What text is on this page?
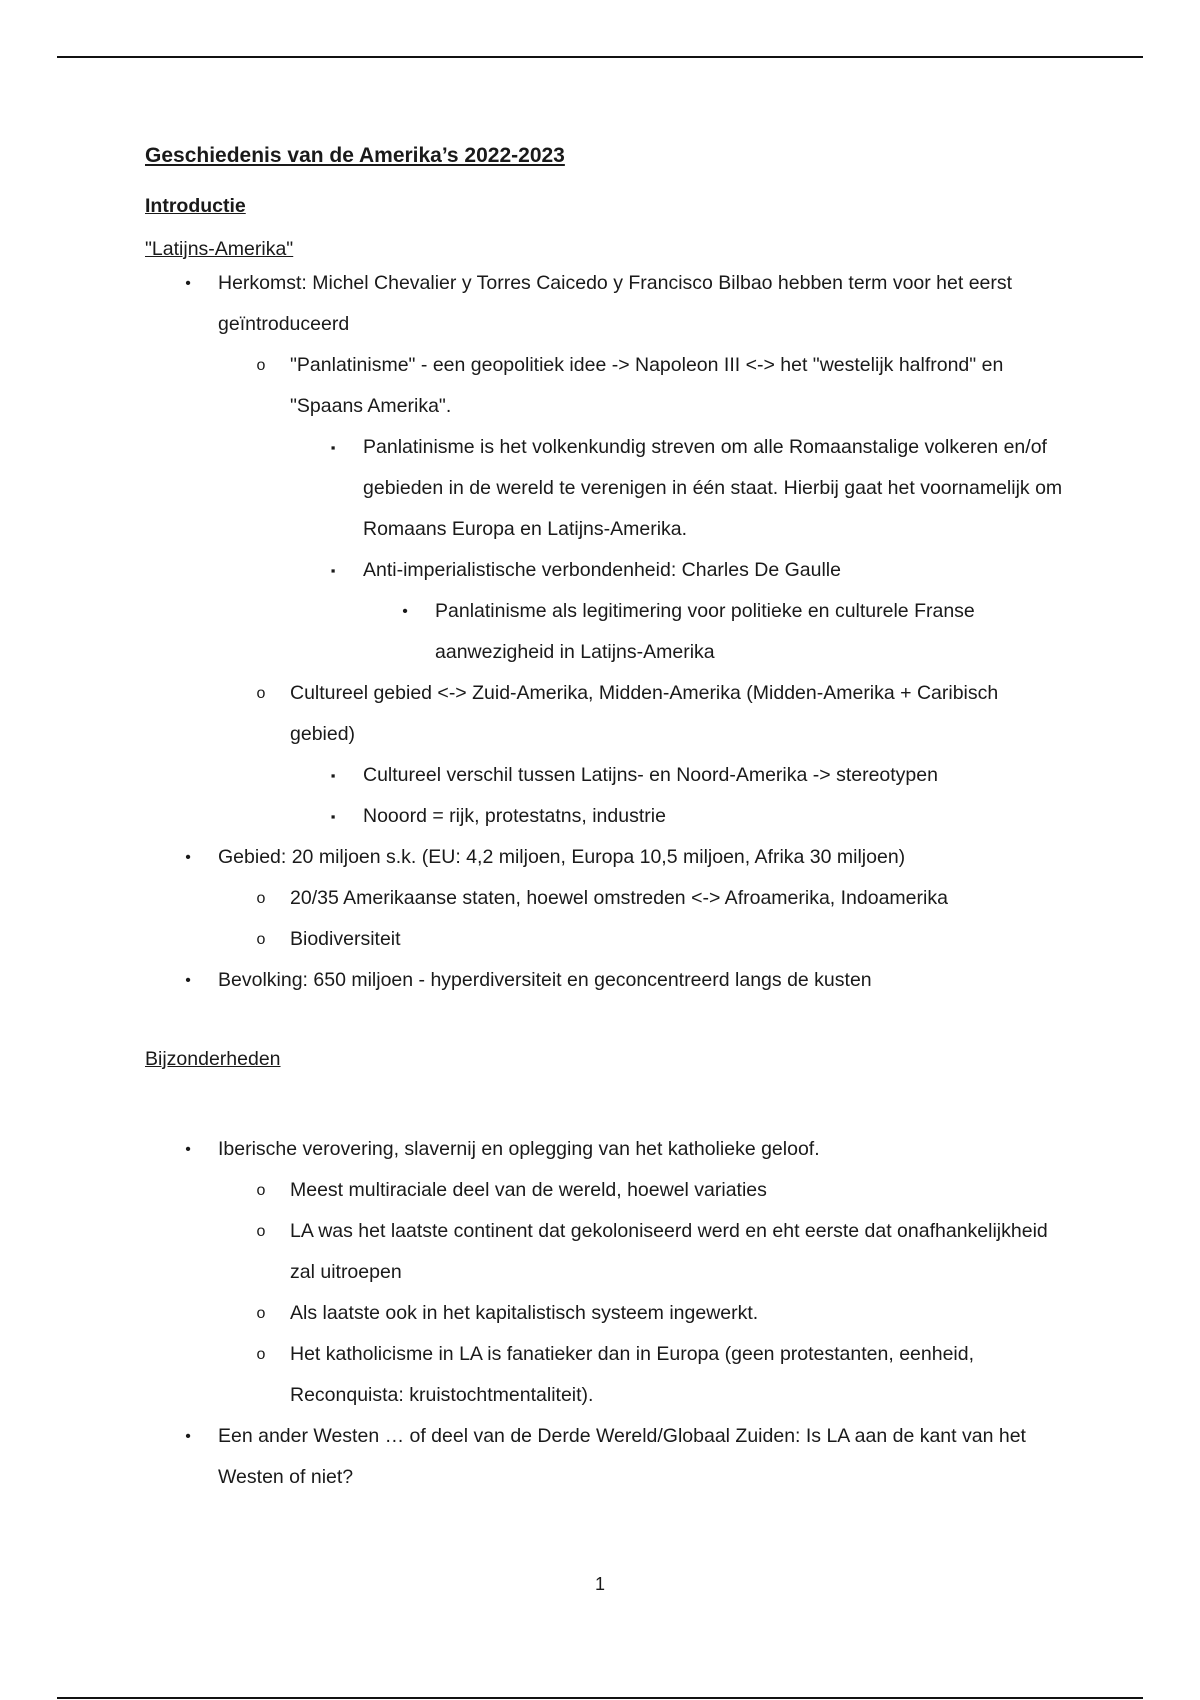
Geschiedenis van de Amerika’s 2022-2023
Introductie
"Latijns-Amerika"
•	Herkomst: Michel Chevalier y Torres Caicedo y Francisco Bilbao hebben term voor het eerst geïntroduceerd
o "Panlatinisme" - een geopolitiek idee -> Napoleon III <-> het "westelijk halfrond" en "Spaans Amerika".
▪	Panlatinisme is het volkenkundig streven om alle Romaanstalige volkeren en/of gebieden in de wereld te verenigen in één staat. Hierbij gaat het voornamelijk om Romaans Europa en Latijns-Amerika.
▪	Anti-imperialistische verbondenheid: Charles De Gaulle
•	Panlatinisme als legitimering voor politieke en culturele Franse aanwezigheid in Latijns-Amerika
o Cultureel gebied <-> Zuid-Amerika, Midden-Amerika (Midden-Amerika + Caribisch gebied)
▪	Cultureel verschil tussen Latijns- en Noord-Amerika -> stereotypen
▪	Nooord = rijk, protestatns, industrie
•	Gebied: 20 miljoen s.k. (EU: 4,2 miljoen, Europa 10,5 miljoen, Afrika 30 miljoen)
o 20/35 Amerikaanse staten, hoewel omstreden <-> Afroamerika, Indoamerika
o Biodiversiteit
•	Bevolking: 650 miljoen - hyperdiversiteit en geconcentreerd langs de kusten
Bijzonderheden
•	Iberische verovering, slavernij en oplegging van het katholieke geloof.
o Meest multiraciale deel van de wereld, hoewel variaties
o LA was het laatste continent dat gekoloniseerd werd en eht eerste dat onafhankelijkheid zal uitroepen
o Als laatste ook in het kapitalistisch systeem ingewerkt.
o Het katholicisme in LA is fanatieker dan in Europa (geen protestanten, eenheid, Reconquista: kruistochtmentaliteit).
•	Een ander Westen … of deel van de Derde Wereld/Globaal Zuiden: Is LA aan de kant van het Westen of niet?
1
